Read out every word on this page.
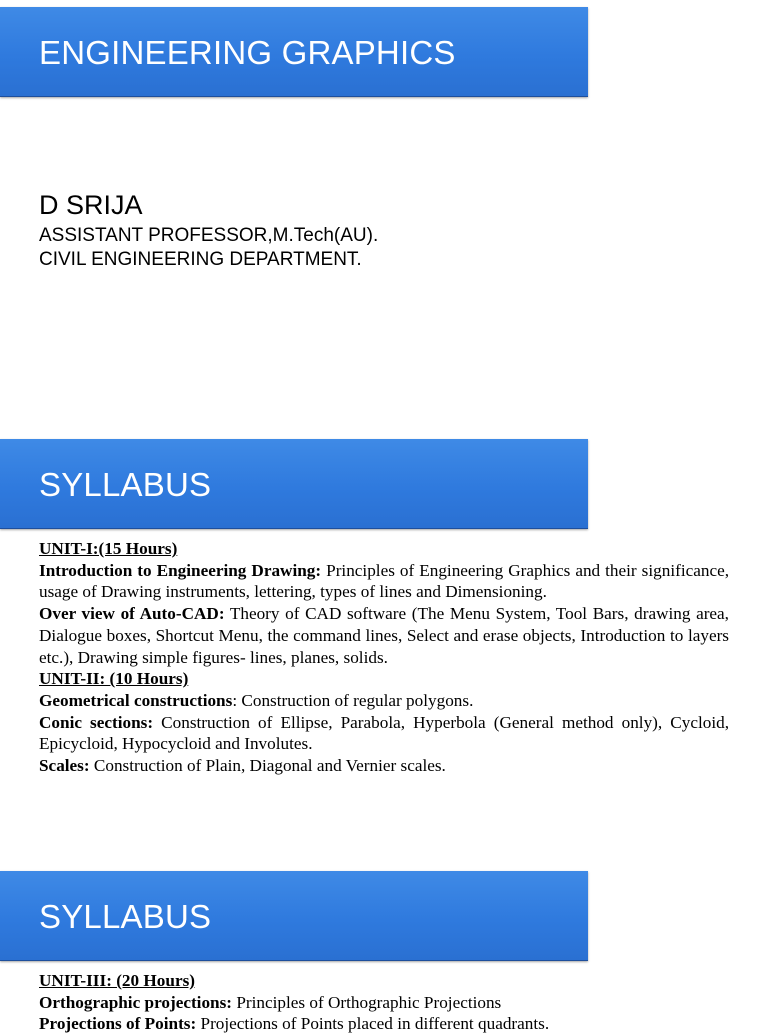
ENGINEERING GRAPHICS
D SRIJA
ASSISTANT PROFESSOR,M.Tech(AU).
CIVIL ENGINEERING DEPARTMENT.
SYLLABUS

UNIT-I:(15 Hours)

Introduction to Engineering Drawing: Principles of Engineering Graphics and their significance, usage of Drawing instruments, lettering, types of lines and Dimensioning.

Over view of Auto-CAD: Theory of CAD software (The Menu System, Tool Bars, drawing area, Dialogue boxes, Shortcut Menu, the command lines, Select and erase objects, Introduction to layers etc.), Drawing simple figures- lines, planes, solids.

UNIT-II: (10 Hours)

Geometrical constructions: Construction of regular polygons.

Conic sections: Construction of Ellipse, Parabola, Hyperbola (General method only), Cycloid, Epicycloid, Hypocycloid and Involutes.

Scales: Construction of Plain, Diagonal and Vernier scales.

SYLLABUS

UNIT-III: (20 Hours)

Orthographic projections: Principles of Orthographic Projections

Projections of Points: Projections of Points placed in different quadrants.
